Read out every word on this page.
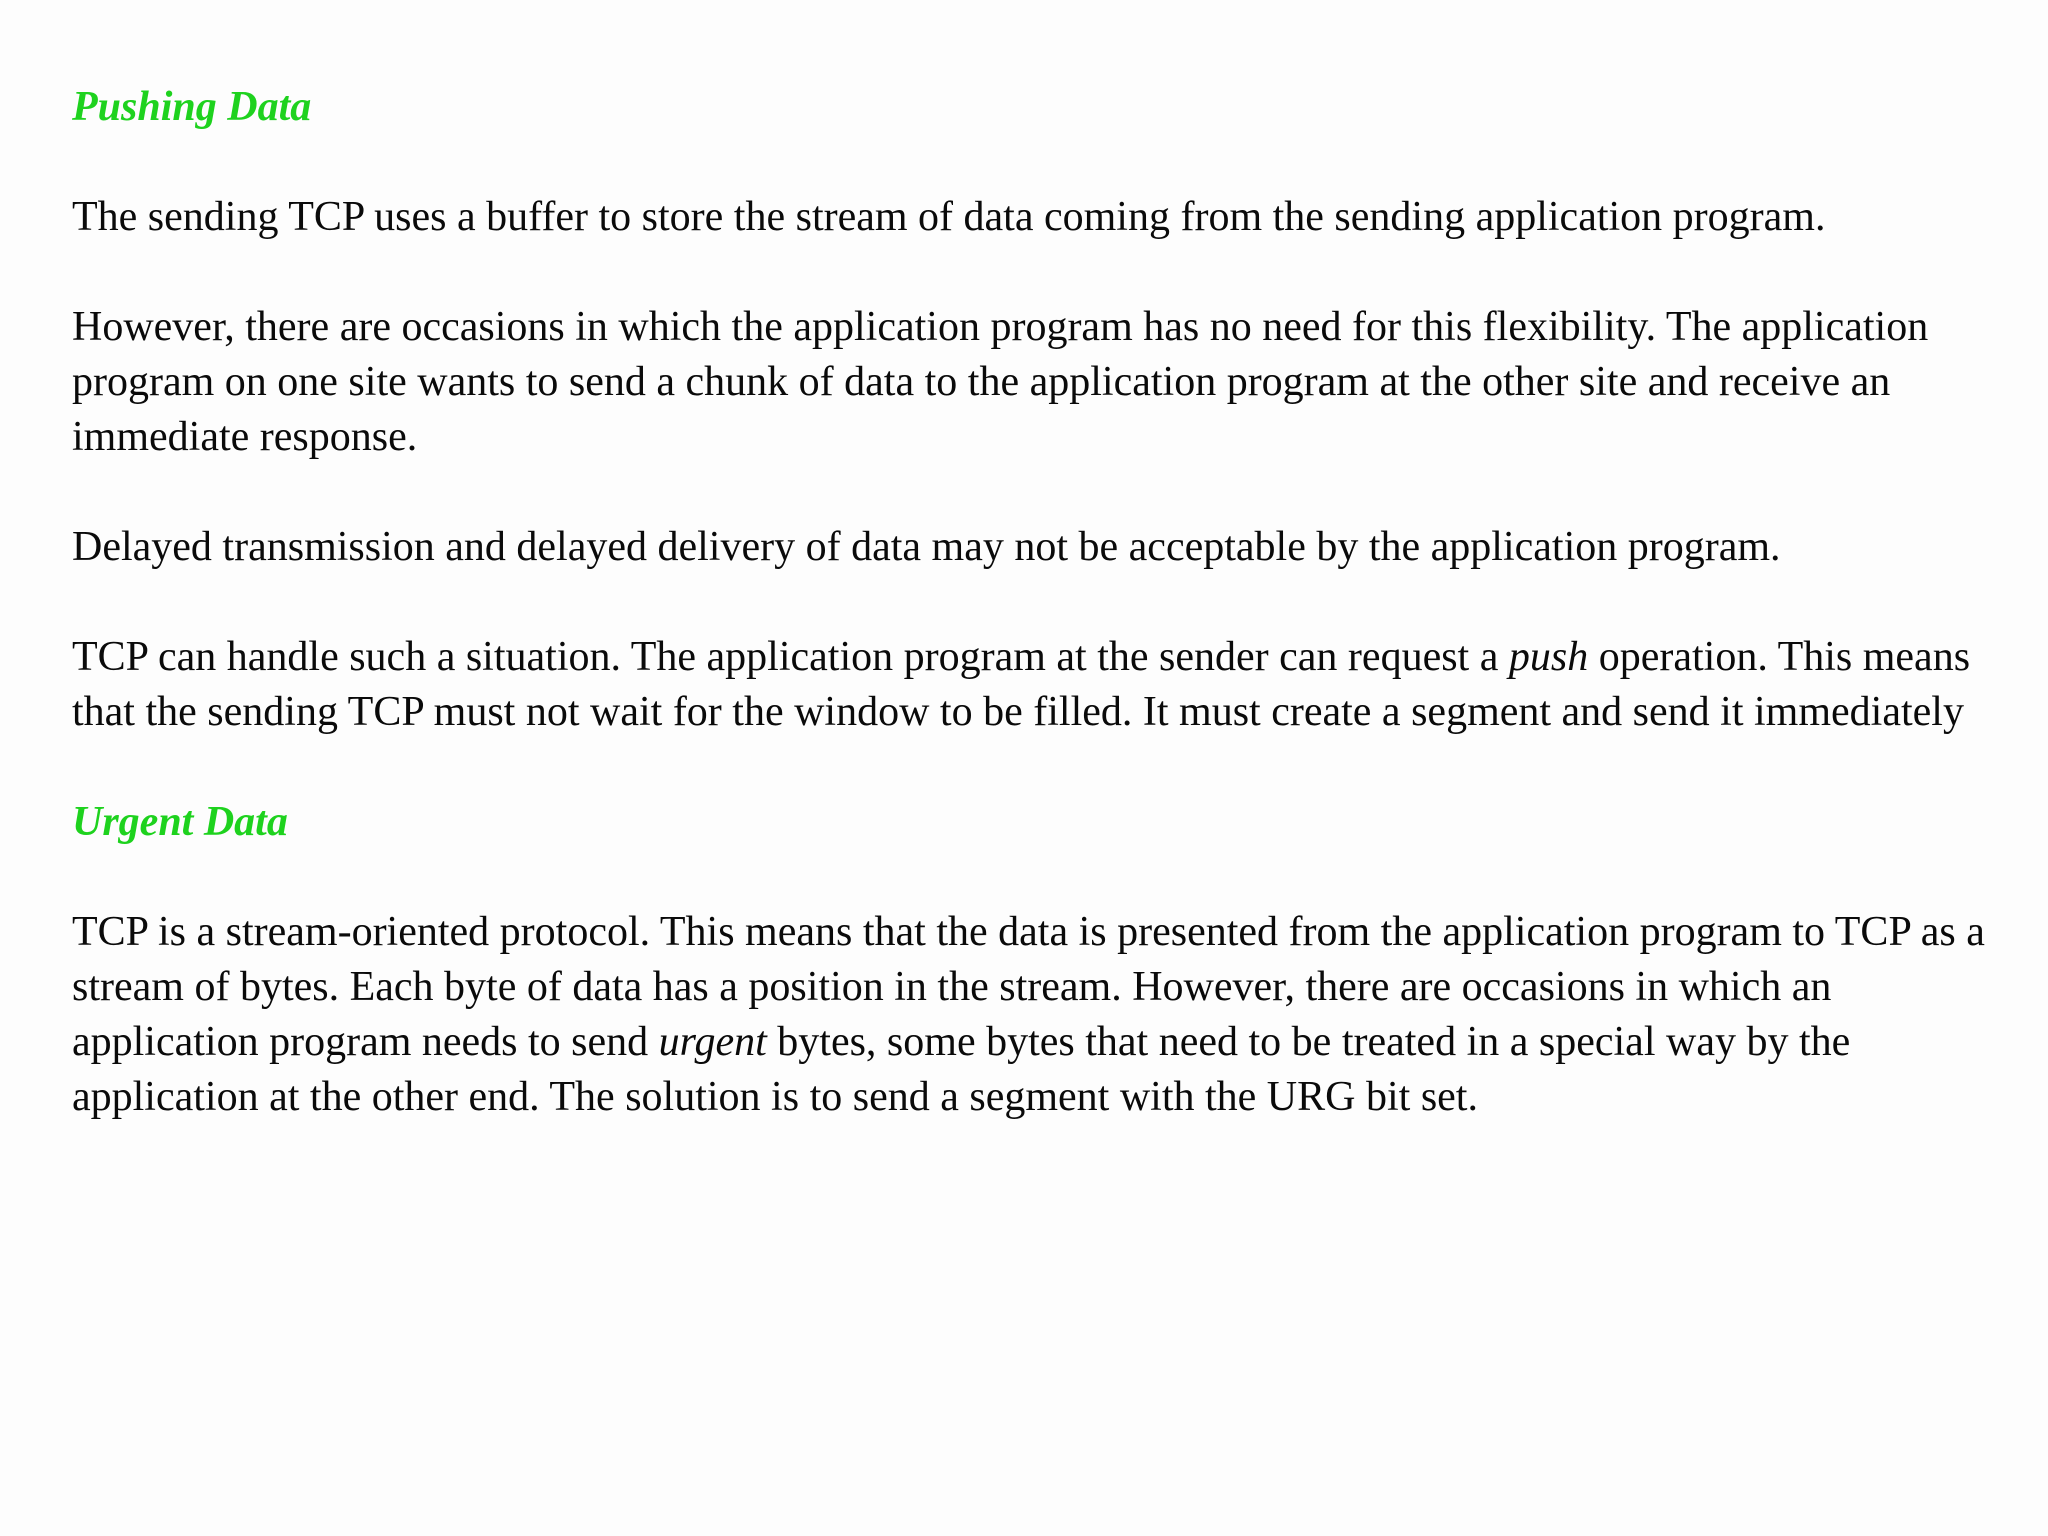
Pushing Data

The sending TCP uses a buffer to store the stream of data coming from the sending application program.

However, there are occasions in which the application program has no need for this flexibility. The application program on one site wants to send a chunk of data to the application program at the other site and receive an immediate response.

Delayed transmission and delayed delivery of data may not be acceptable by the application program.

TCP can handle such a situation. The application program at the sender can request a push operation. This means that the sending TCP must not wait for the window to be filled. It must create a segment and send it immediately

Urgent Data

TCP is a stream-oriented protocol. This means that the data is presented from the application program to TCP as a stream of bytes. Each byte of data has a position in the stream. However, there are occasions in which an application program needs to send urgent bytes, some bytes that need to be treated in a special way by the application at the other end. The solution is to send a segment with the URG bit set.
